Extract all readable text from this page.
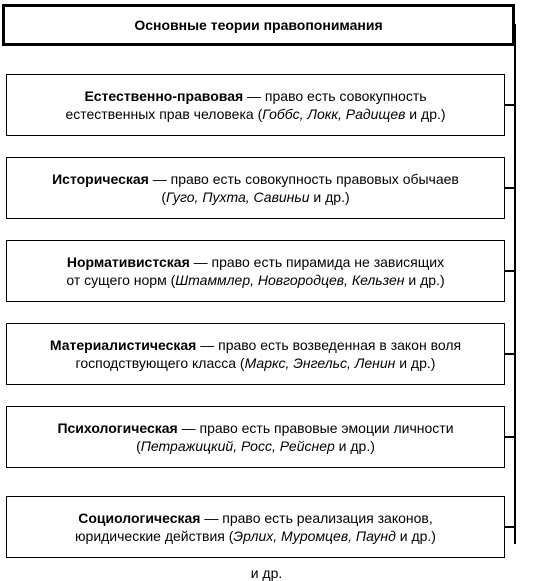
Основные теории правопонимания
Естественно-правовая — право есть совокупность
естественных прав человека (Гоббс, Локк, Радищев и др.)
Историческая — право есть совокупность правовых обычаев
(Гуго, Пухта, Савиньи и др.)
Нормативистская — право есть пирамида не зависящих
от сущего норм (Штаммлер, Новгородцев, Кельзен и др.)
Материалистическая — право есть возведенная в закон воля
господствующего класса (Маркс, Энгельс, Ленин и др.)
Психологическая — право есть правовые эмоции личности
(Петражицкий, Росс, Рейснер и др.)
Социологическая — право есть реализация законов,
юридические действия (Эрлих, Муромцев, Паунд и др.)
и др.
